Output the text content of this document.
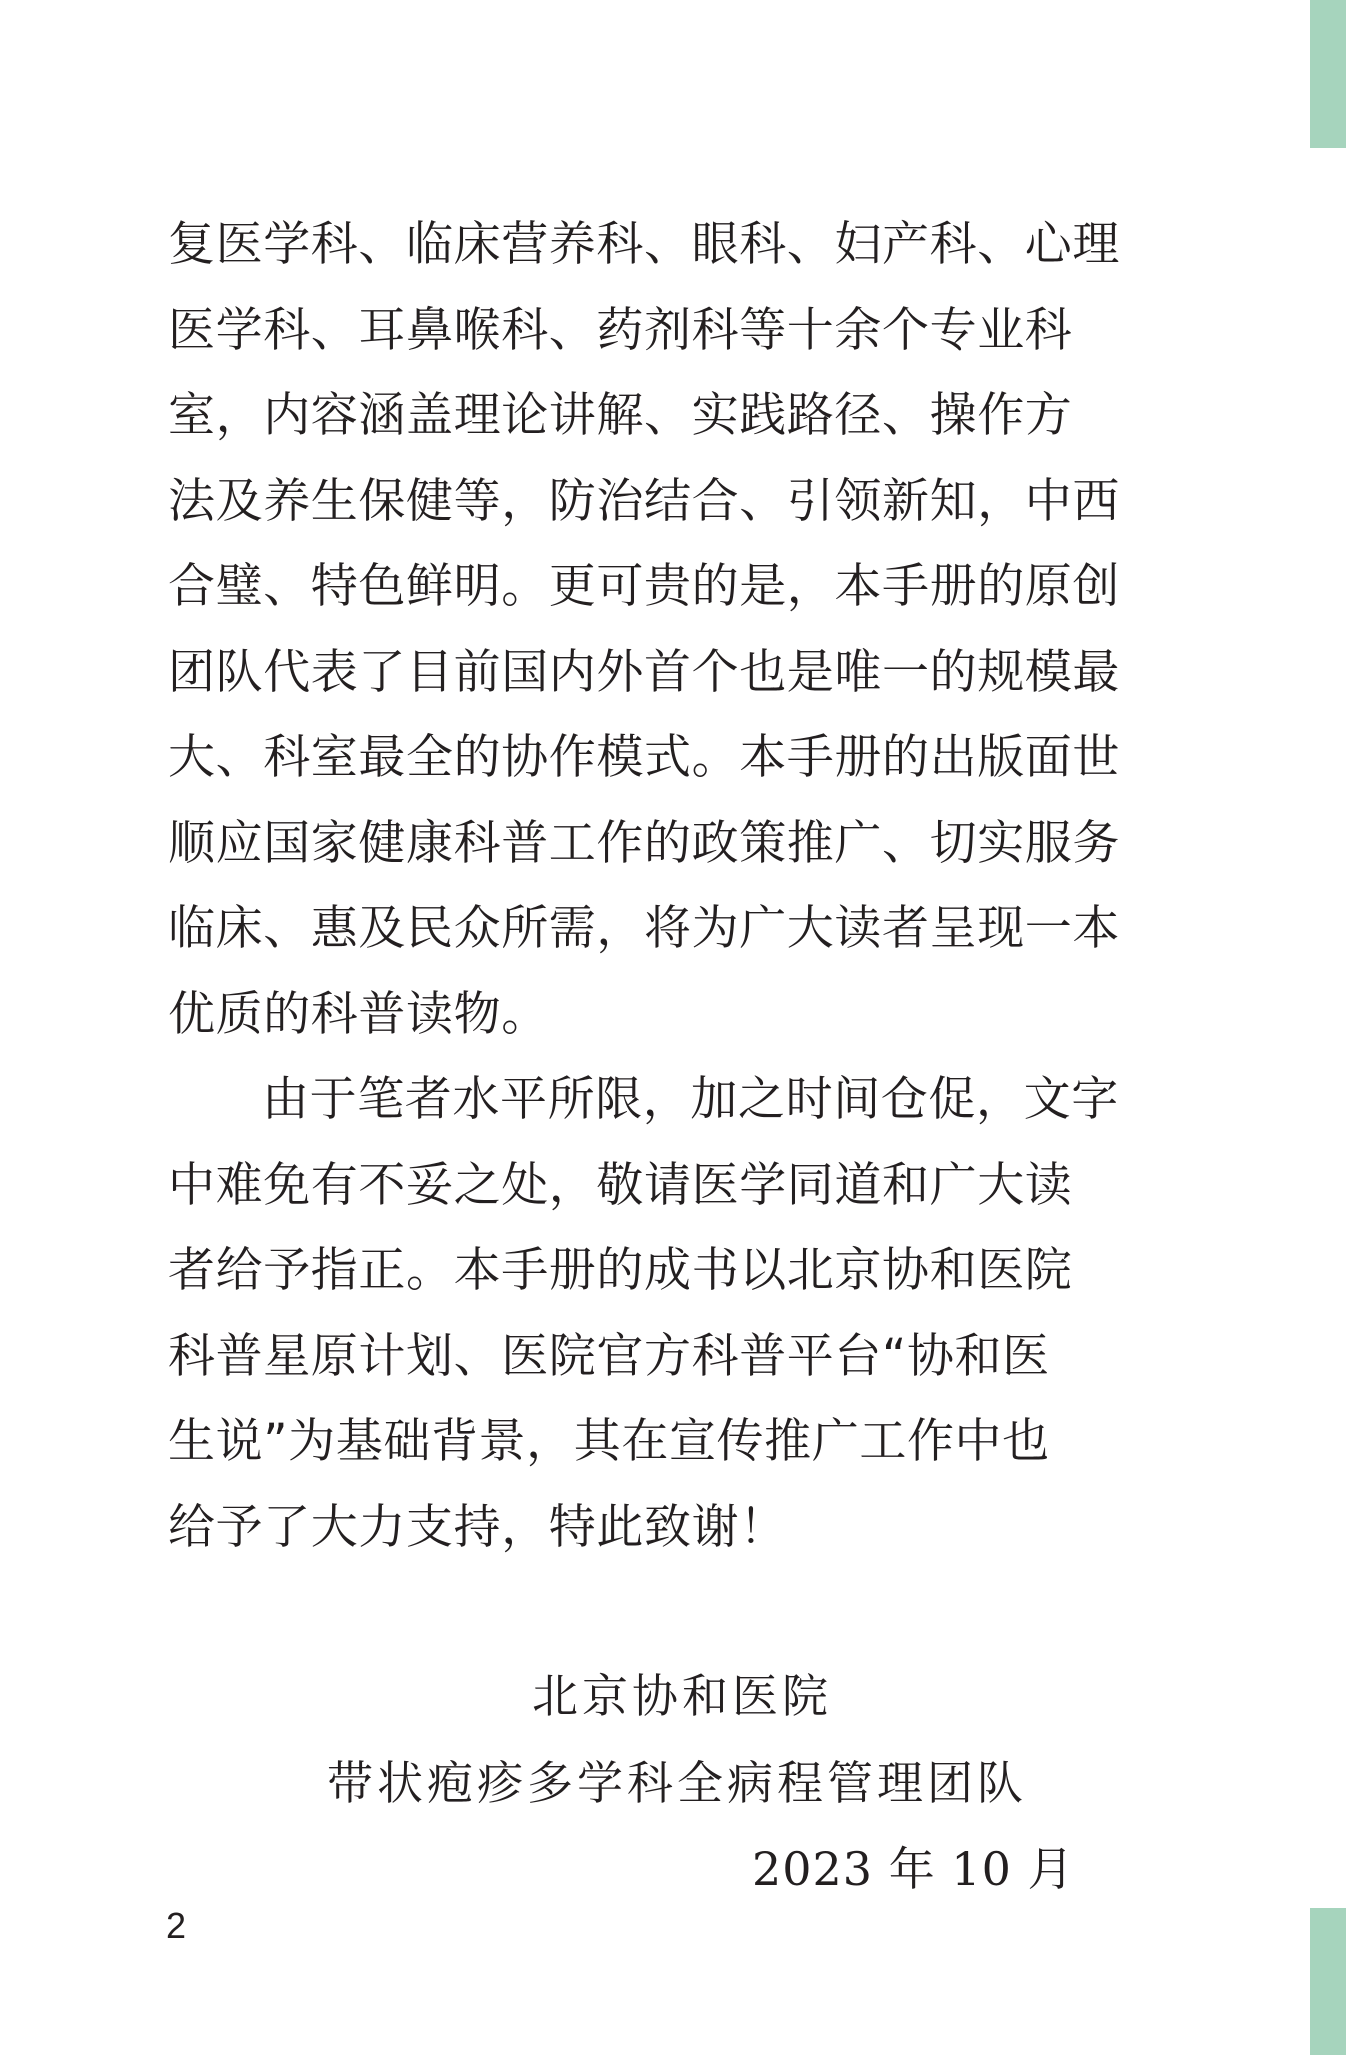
复医学科、临床营养科、眼科、妇产科、心理
医学科、耳鼻喉科、药剂科等十余个专业科
室，内容涵盖理论讲解、实践路径、操作方
法及养生保健等，防治结合、引领新知，中西
合璧、特色鲜明。更可贵的是，本手册的原创
团队代表了目前国内外首个也是唯一的规模最
大、科室最全的协作模式。本手册的出版面世
顺应国家健康科普工作的政策推广、切实服务
临床、惠及民众所需，将为广大读者呈现一本
优质的科普读物。
由于笔者水平所限，加之时间仓促，文字
中难免有不妥之处，敬请医学同道和广大读
者给予指正。本手册的成书以北京协和医院
科普星原计划、医院官方科普平台“协和医
生说”为基础背景，其在宣传推广工作中也
给予了大力支持，特此致谢！
北京协和医院
带状疱疹多学科全病程管理团队
2023 年 10 月
2
